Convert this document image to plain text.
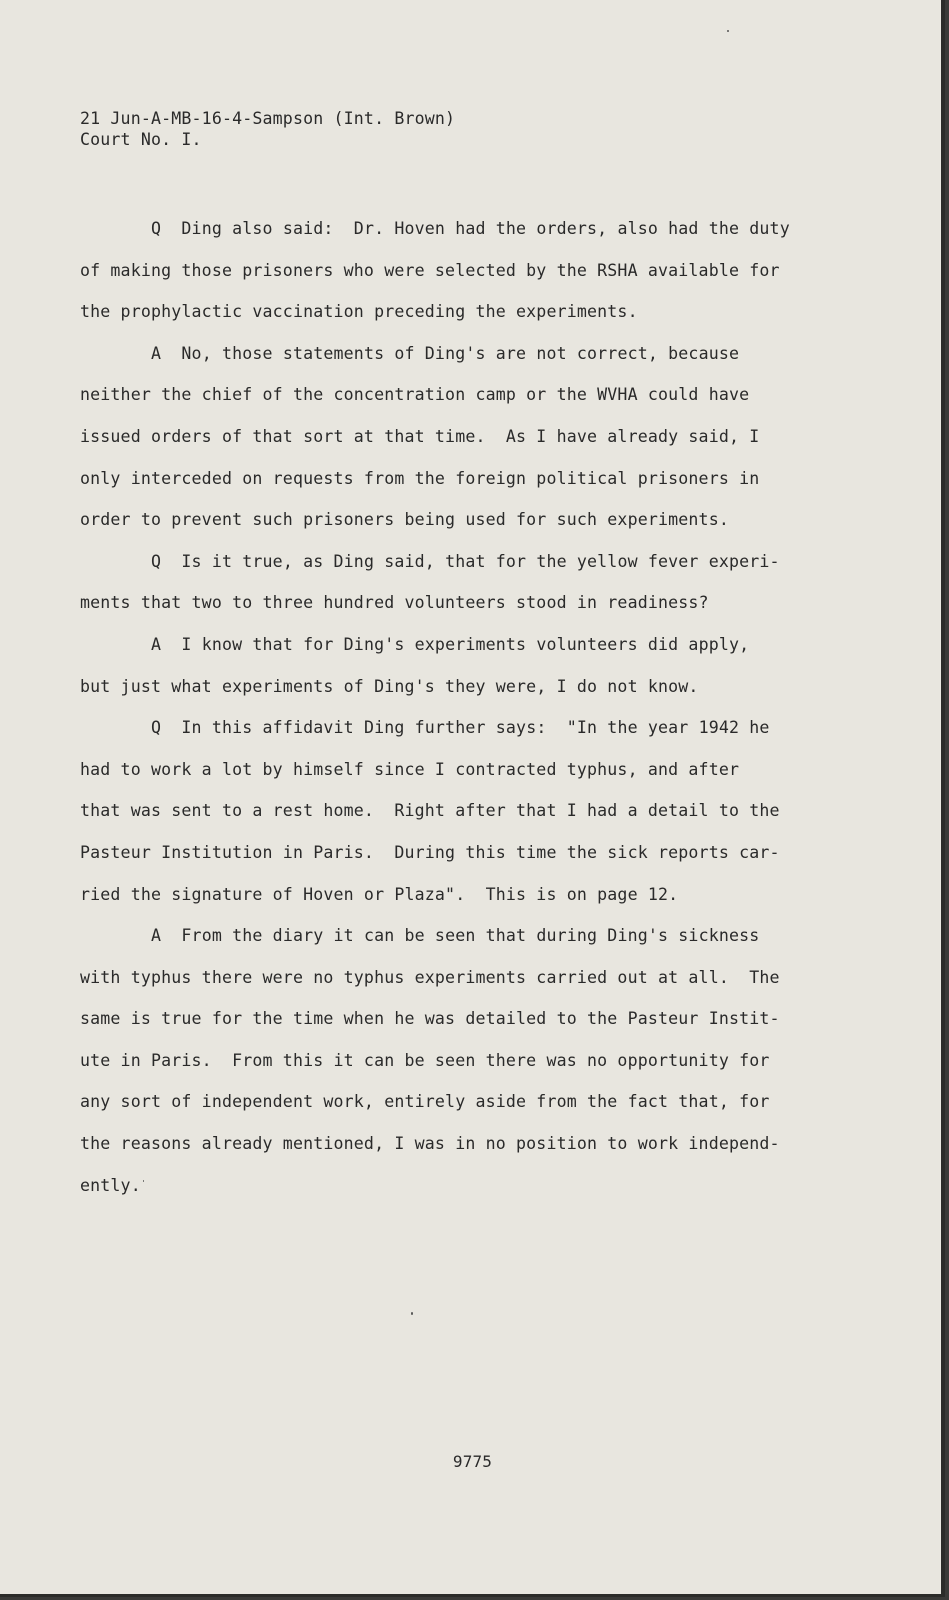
21 Jun-A-MB-16-4-Sampson (Int. Brown)
Court No. I.
Q  Ding also said:  Dr. Hoven had the orders, also had the duty
of making those prisoners who were selected by the RSHA available for
the prophylactic vaccination preceding the experiments.
A  No, those statements of Ding's are not correct, because
neither the chief of the concentration camp or the WVHA could have
issued orders of that sort at that time.  As I have already said, I
only interceded on requests from the foreign political prisoners in
order to prevent such prisoners being used for such experiments.
Q  Is it true, as Ding said, that for the yellow fever experi-
ments that two to three hundred volunteers stood in readiness?
A  I know that for Ding's experiments volunteers did apply,
but just what experiments of Ding's they were, I do not know.
Q  In this affidavit Ding further says:  "In the year 1942 he
had to work a lot by himself since I contracted typhus, and after
that was sent to a rest home.  Right after that I had a detail to the
Pasteur Institution in Paris.  During this time the sick reports car-
ried the signature of Hoven or Plaza".  This is on page 12.
A  From the diary it can be seen that during Ding's sickness
with typhus there were no typhus experiments carried out at all.  The
same is true for the time when he was detailed to the Pasteur Instit-
ute in Paris.  From this it can be seen there was no opportunity for
any sort of independent work, entirely aside from the fact that, for
the reasons already mentioned, I was in no position to work independ-
ently.
9775
